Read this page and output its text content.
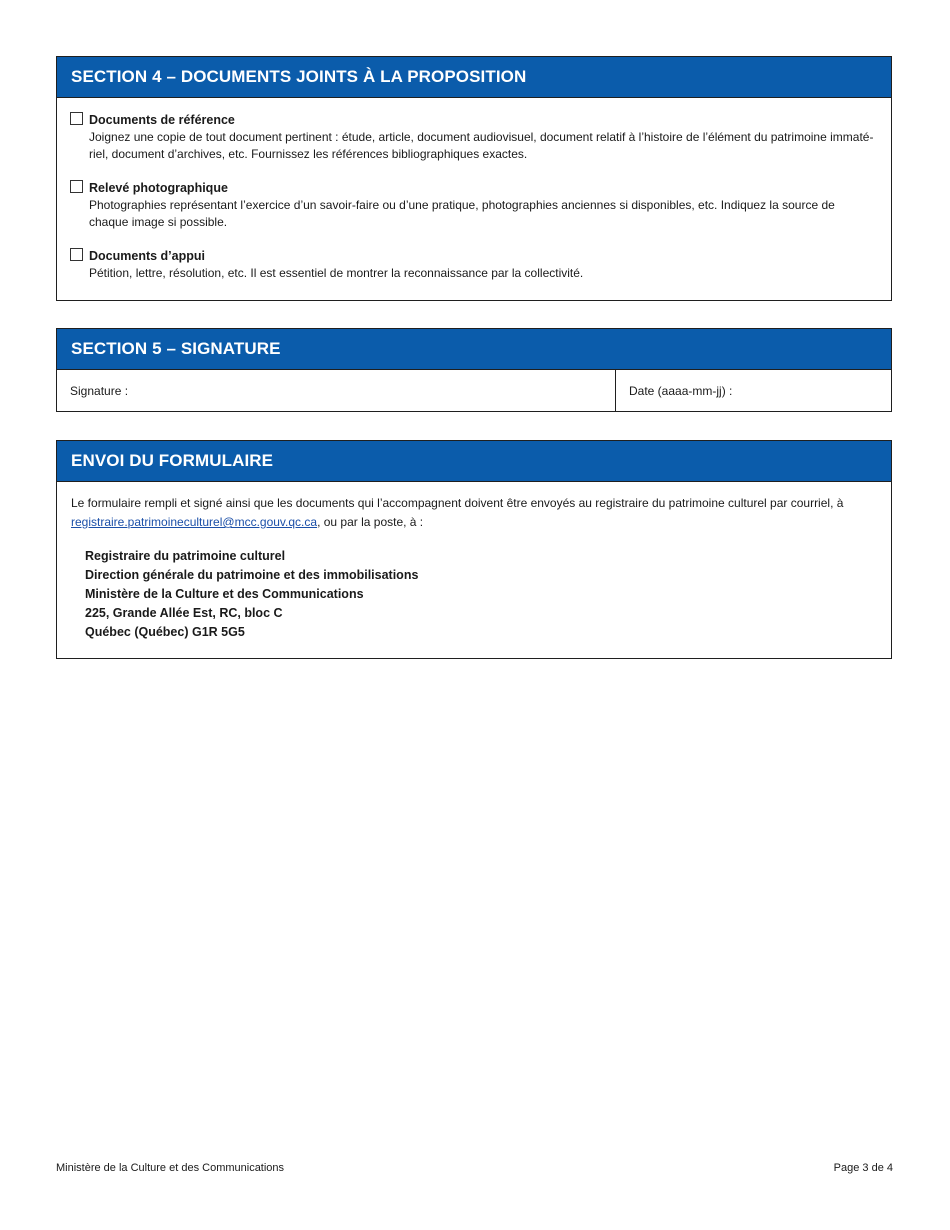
SECTION 4 – DOCUMENTS JOINTS À LA PROPOSITION
Documents de référence
Joignez une copie de tout document pertinent : étude, article, document audiovisuel, document relatif à l’histoire de l’élément du patrimoine immatériel, document d’archives, etc. Fournissez les références bibliographiques exactes.
Relevé photographique
Photographies représentant l’exercice d’un savoir-faire ou d’une pratique, photographies anciennes si disponibles, etc. Indiquez la source de chaque image si possible.
Documents d’appui
Pétition, lettre, résolution, etc. Il est essentiel de montrer la reconnaissance par la collectivité.
SECTION 5 – SIGNATURE
Signature :	Date (aaaa-mm-jj) :
ENVOI DU FORMULAIRE
Le formulaire rempli et signé ainsi que les documents qui l’accompagnent doivent être envoyés au registraire du patrimoine culturel par courriel, à registraire.patrimoineculturel@mcc.gouv.qc.ca, ou par la poste, à :
Registraire du patrimoine culturel
Direction générale du patrimoine et des immobilisations
Ministère de la Culture et des Communications
225, Grande Allée Est, RC, bloc C
Québec (Québec) G1R 5G5
Ministère de la Culture et des Communications	Page 3 de 4
